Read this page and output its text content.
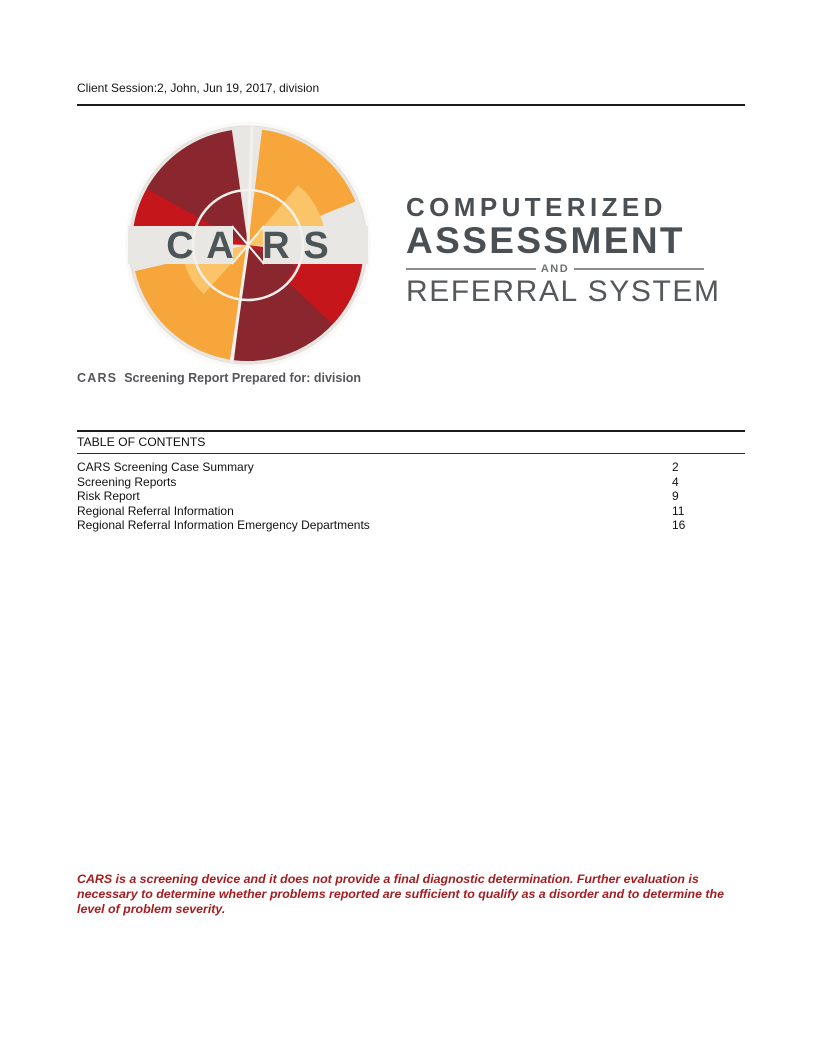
Client Session:2, John, Jun 19, 2017, division
C A R S
COMPUTERIZED
ASSESSMENT
AND
REFERRAL SYSTEM
CARS Screening Report Prepared for: division
TABLE OF CONTENTS
CARS Screening Case Summary	2
Screening Reports	4
Risk Report	9
Regional Referral Information	11
Regional Referral Information Emergency Departments	16
CARS is a screening device and it does not provide a final diagnostic determination. Further evaluation is necessary to determine whether problems reported are sufficient to qualify as a disorder and to determine the level of problem severity.
